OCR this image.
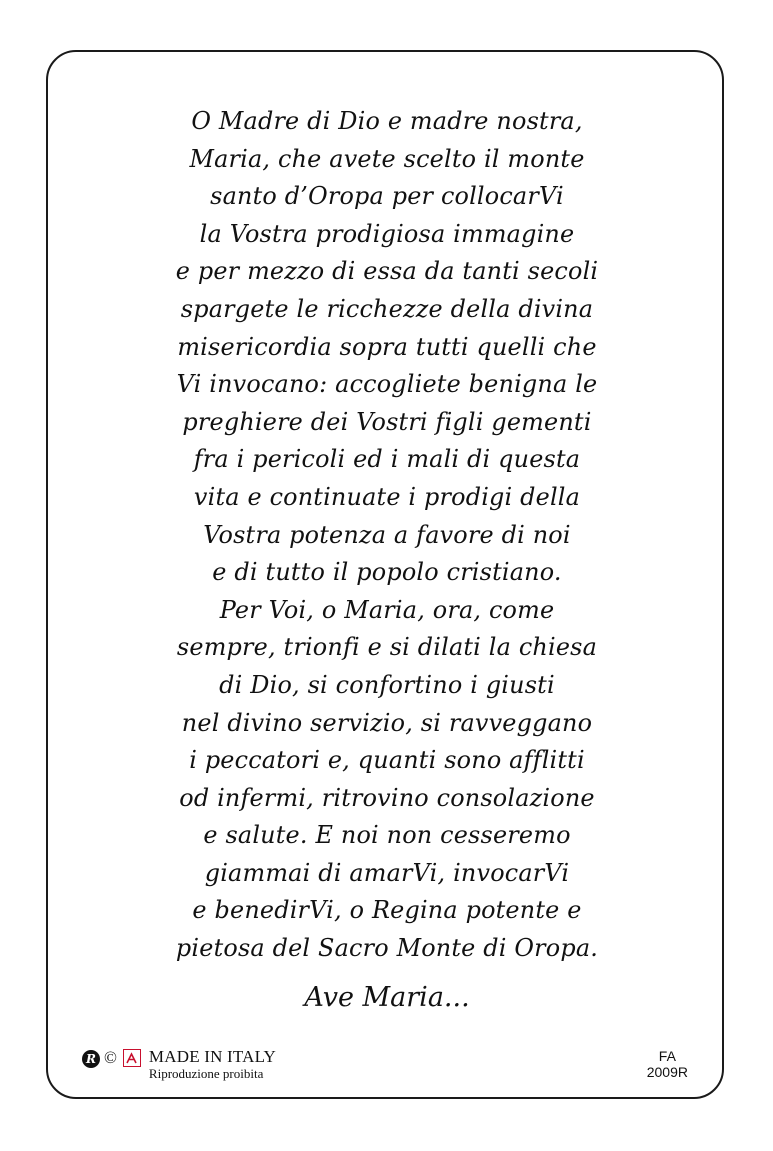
O Madre di Dio e madre nostra,
Maria, che avete scelto il monte
santo d’Oropa per collocarVi
la Vostra prodigiosa immagine
e per mezzo di essa da tanti secoli
spargete le ricchezze della divina
misericordia sopra tutti quelli che
Vi invocano: accogliete benigna le
preghiere dei Vostri figli gementi
fra i pericoli ed i mali di questa
vita e continuate i prodigi della
Vostra potenza a favore di noi
e di tutto il popolo cristiano.
Per Voi, o Maria, ora, come
sempre, trionfi e si dilati la chiesa
di Dio, si confortino i giusti
nel divino servizio, si ravveggano
i peccatori e, quanti sono afflitti
od infermi, ritrovino consolazione
e salute. E noi non cesseremo
giammai di amarVi, invocarVi
e benedirVi, o Regina potente e
pietosa del Sacro Monte di Oropa.
Ave Maria...
R © MADE IN ITALY
Riproduzione proibita
FA
2009R
